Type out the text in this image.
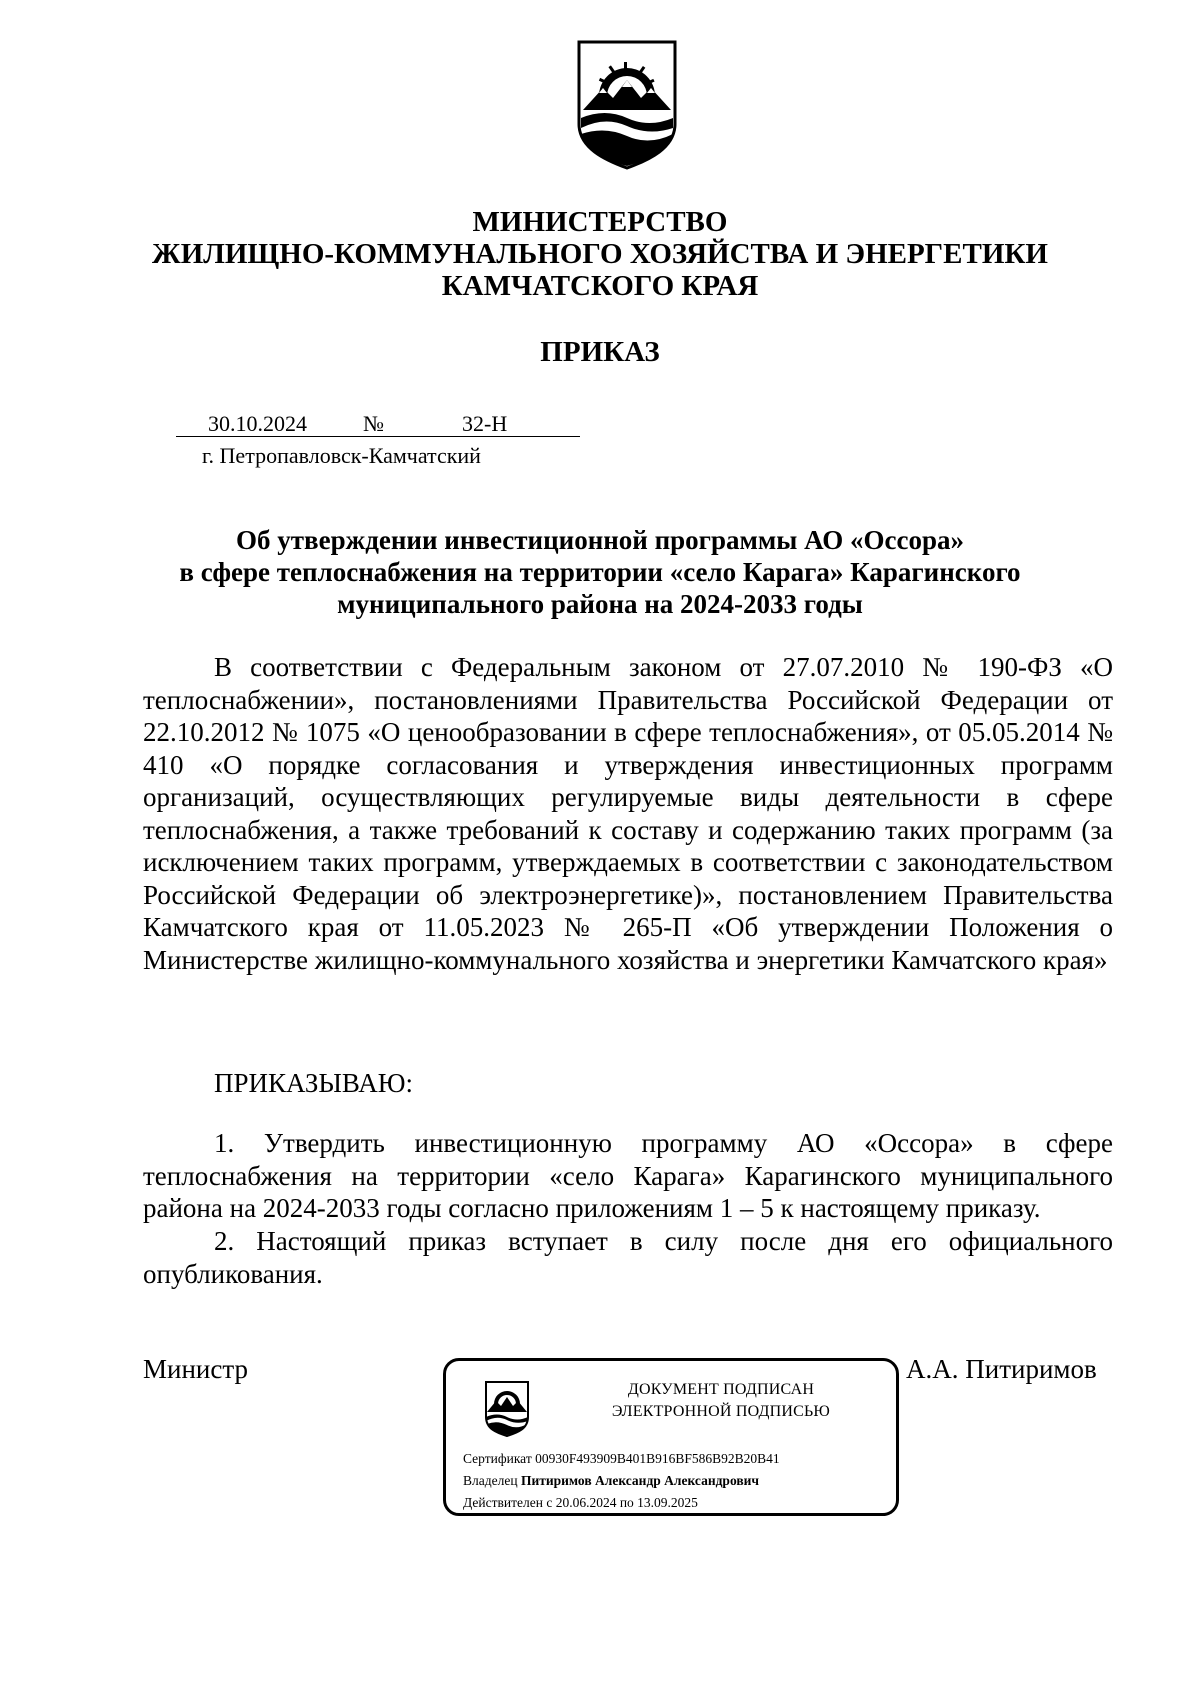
МИНИСТЕРСТВО
ЖИЛИЩНО-КОММУНАЛЬНОГО ХОЗЯЙСТВА И ЭНЕРГЕТИКИ
КАМЧАТСКОГО КРАЯ
ПРИКАЗ
30.10.2024	№	32-Н
г. Петропавловск-Камчатский
Об утверждении инвестиционной программы АО «Оссора»
в сфере теплоснабжения на территории «село Карага» Карагинского
муниципального района на 2024-2033 годы

В соответствии с Федеральным законом от 27.07.2010 № 190-ФЗ «О теплоснабжении», постановлениями Правительства Российской Федерации от 22.10.2012 № 1075 «О ценообразовании в сфере теплоснабжения», от 05.05.2014 № 410 «О порядке согласования и утверждения инвестиционных программ организаций, осуществляющих регулируемые виды деятельности в сфере теплоснабжения, а также требований к составу и содержанию таких программ (за исключением таких программ, утверждаемых в соответствии с законодательством Российской Федерации об электроэнергетике)», постановлением Правительства Камчатского края от 11.05.2023 № 265-П «Об утверждении Положения о Министерстве жилищно-коммунального хозяйства и энергетики Камчатского края»

ПРИКАЗЫВАЮ:

1. Утвердить инвестиционную программу АО «Оссора» в сфере теплоснабжения на территории «село Карага» Карагинского муниципального района на 2024-2033 годы согласно приложениям 1 – 5 к настоящему приказу.

2. Настоящий приказ вступает в силу после дня его официального опубликования.

Министр	А.А. Питиримов
ДОКУМЕНТ ПОДПИСАН
ЭЛЕКТРОННОЙ ПОДПИСЬЮ
Сертификат 00930F493909B401B916BF586B92B20B41
Владелец Питиримов Александр Александрович
Действителен с 20.06.2024 по 13.09.2025
